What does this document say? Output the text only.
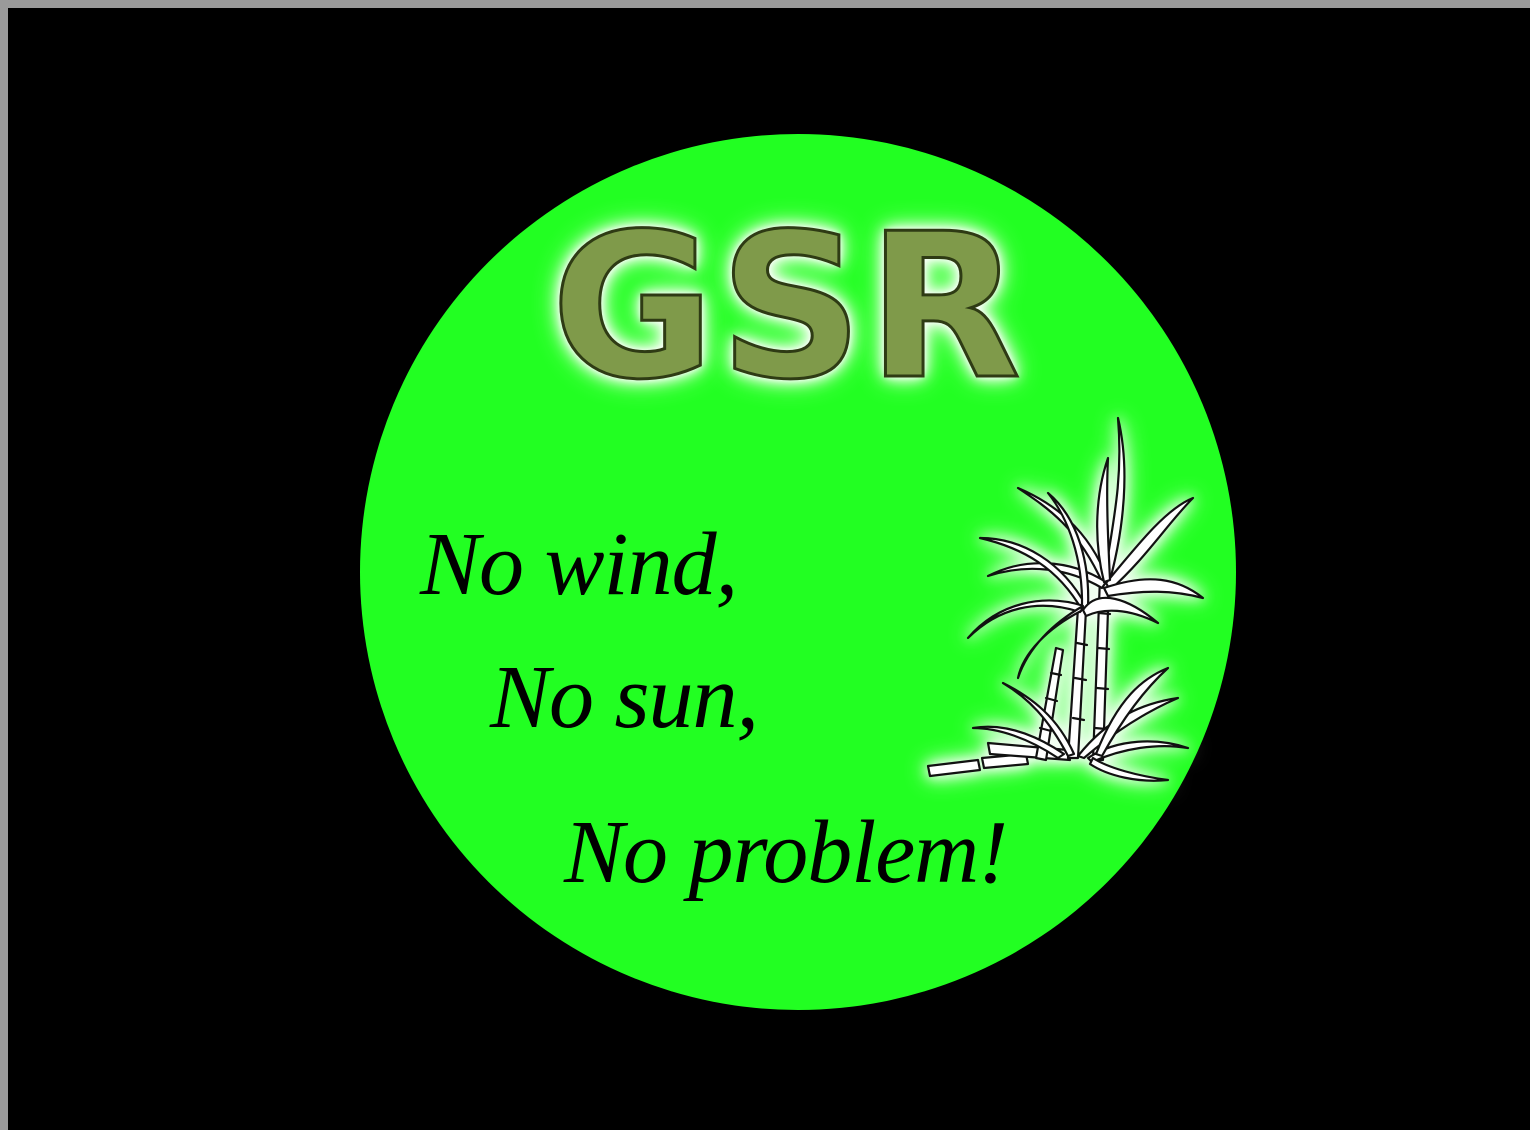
GSR
No wind,
No sun,
No problem!
